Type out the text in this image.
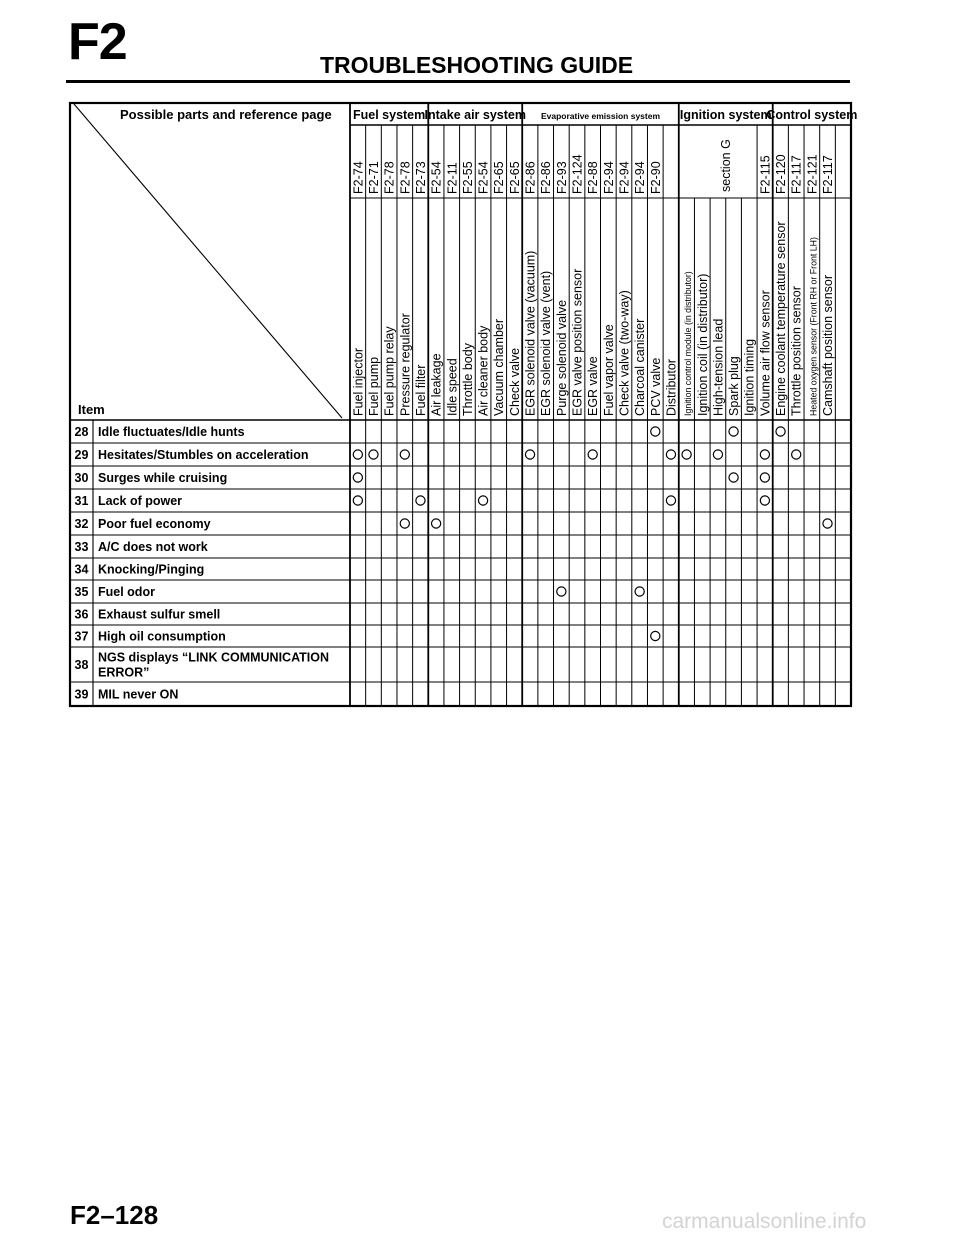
F2	TROUBLESHOOTING GUIDE
Fuel system Intake air system Evaporative emission system Ignition system
Control system
F2-74
Fuel injector
F2-71
Fuel pump
F2-78
Fuel pump relay
F2-78
Pressure regulator
F2-73
Fuel filter
F2-54
Air leakage
F2-11
Idle speed
F2-55
Throttle body
F2-54
Air cleaner body
F2-65
Vacuum chamber
F2-65
Check valve
F2-86
EGR solenoid valve (vacuum)
F2-86
EGR solenoid valve (vent)
F2-93
Purge solenoid valve
F2-124
EGR valve position sensor
F2-88
EGR valve
F2-94
Fuel vapor valve
F2-94
Check valve (two-way)
F2-94
Charcoal canister
F2-90
PCV valve Distributor Ignition control module (in distributor) Ignition coil (in distributor) High-tension lead Spark plug Ignition timing
F2-115
Volume air flow sensor
F2-120
Engine coolant temperature sensor
F2-117
Throttle position sensor
F2-121
Heated oxygen sensor (Front RH or Front LH)
F2-117
Camshaft position sensor
section G
Possible parts and reference page
Item
28 Idle fluctuates/Idle hunts
29 Hesitates/Stumbles on acceleration
30 Surges while cruising
31 Lack of power
32 Poor fuel economy
33 A/C does not work
34 Knocking/Pinging
35 Fuel odor
36 Exhaust sulfur smell
37 High oil consumption
38
NGS displays “LINK COMMUNICATION
ERROR”
39 MIL never ON
F2–128	carmanualsonline.info
